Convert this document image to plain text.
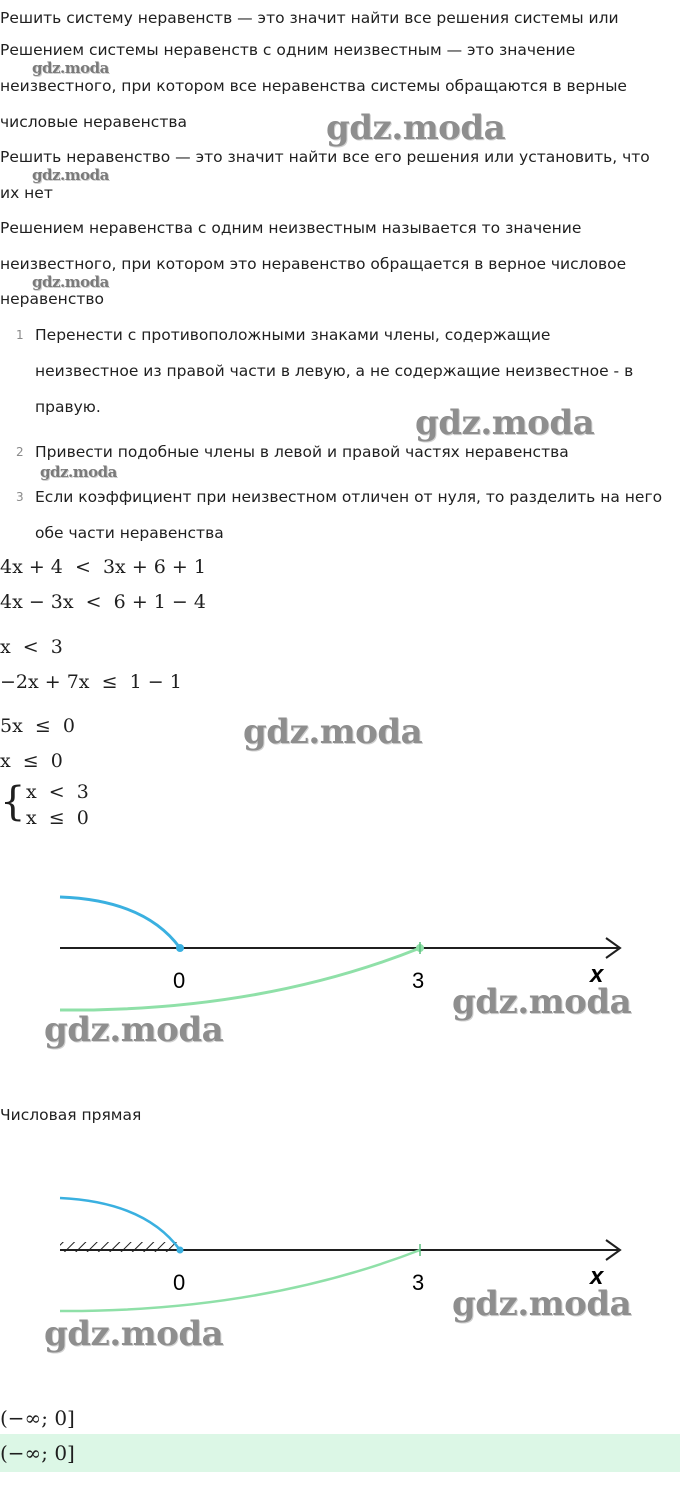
Решить систему неравенств — это значит найти все решения системы или
Решением системы неравенств с одним неизвестным — это значение
неизвестного, при котором все неравенства системы обращаются в верные
числовые неравенства
Решить неравенство — это значит найти все его решения или установить, что
их нет
Решением неравенства с одним неизвестным называется то значение
неизвестного, при котором это неравенство обращается в верное числовое
неравенство
1 Перенести с противоположными знаками члены, содержащие
неизвестное из правой части в левую, а не содержащие неизвестное - в
правую.
2 Привести подобные члены в левой и правой частях неравенства
3 Если коэффициент при неизвестном отличен от нуля, то разделить на него
обе части неравенства
4x + 4  <  3x + 6 + 1
4x − 3x  <  6 + 1 − 4
x  <  3
−2x + 7x  ≤  1 − 1
5x  ≤  0
x  ≤  0
{ x  <  3
x  ≤  0
0	3	x
Числовая прямая
0	3	x
(−∞; 0]
(−∞; 0]
gdz.moda
gdz.moda
gdz.moda
gdz.moda
gdz.moda
gdz.moda
gdz.moda
gdz.moda
gdz.moda
gdz.moda
gdz.moda
